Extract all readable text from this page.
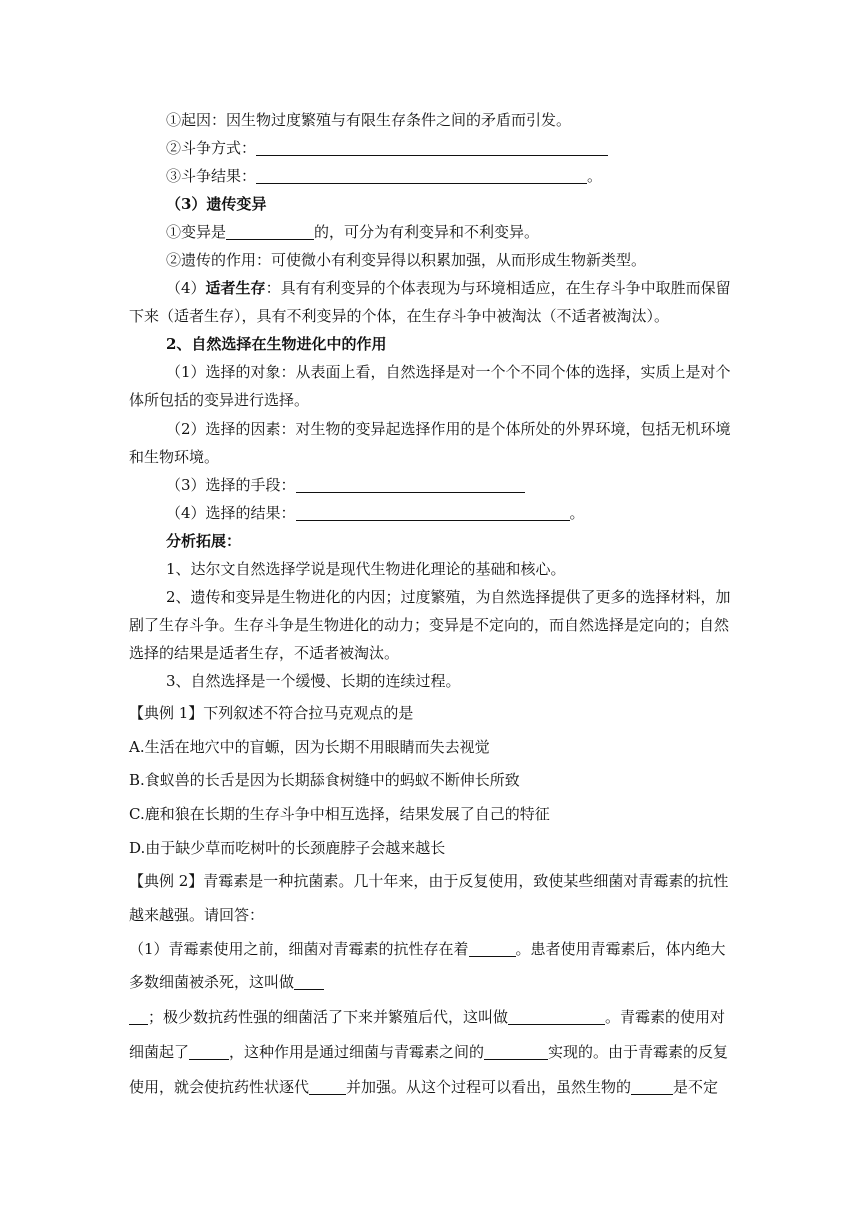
①起因：因生物过度繁殖与有限生存条件之间的矛盾而引发。
②斗争方式：
③斗争结果：	。
（3）遗传变异
①变异是	的，可分为有利变异和不利变异。
②遗传的作用：可使微小有利变异得以积累加强，从而形成生物新类型。
（4）适者生存：具有有利变异的个体表现为与环境相适应，在生存斗争中取胜而保留
下来（适者生存），具有不利变异的个体，在生存斗争中被淘汰（不适者被淘汰）。
2、自然选择在生物进化中的作用
（1）选择的对象：从表面上看，自然选择是对一个个不同个体的选择，实质上是对个
体所包括的变异进行选择。
（2）选择的因素：对生物的变异起选择作用的是个体所处的外界环境，包括无机环境
和生物环境。
（3）选择的手段：
（4）选择的结果：	。
分析拓展：
1、达尔文自然选择学说是现代生物进化理论的基础和核心。
2、遗传和变异是生物进化的内因；过度繁殖，为自然选择提供了更多的选择材料，加
剧了生存斗争。生存斗争是生物进化的动力；变异是不定向的，而自然选择是定向的；自然
选择的结果是适者生存，不适者被淘汰。
3、自然选择是一个缓慢、长期的连续过程。
【典例 1】下列叙述不符合拉马克观点的是
A.生活在地穴中的盲螈，因为长期不用眼睛而失去视觉
B.食蚁兽的长舌是因为长期舔食树缝中的蚂蚁不断伸长所致
C.鹿和狼在长期的生存斗争中相互选择，结果发展了自己的特征
D.由于缺少草而吃树叶的长颈鹿脖子会越来越长
【典例 2】青霉素是一种抗菌素。几十年来，由于反复使用，致使某些细菌对青霉素的抗性
越来越强。请回答：
（1）青霉素使用之前，细菌对青霉素的抗性存在着	。患者使用青霉素后，体内绝大
多数细菌被杀死，这叫做
；极少数抗药性强的细菌活了下来并繁殖后代，这叫做	。青霉素的使用对
细菌起了	，这种作用是通过细菌与青霉素之间的	实现的。由于青霉素的反复
使用，就会使抗药性状逐代 并加强。从这个过程可以看出，虽然生物的	是不定
